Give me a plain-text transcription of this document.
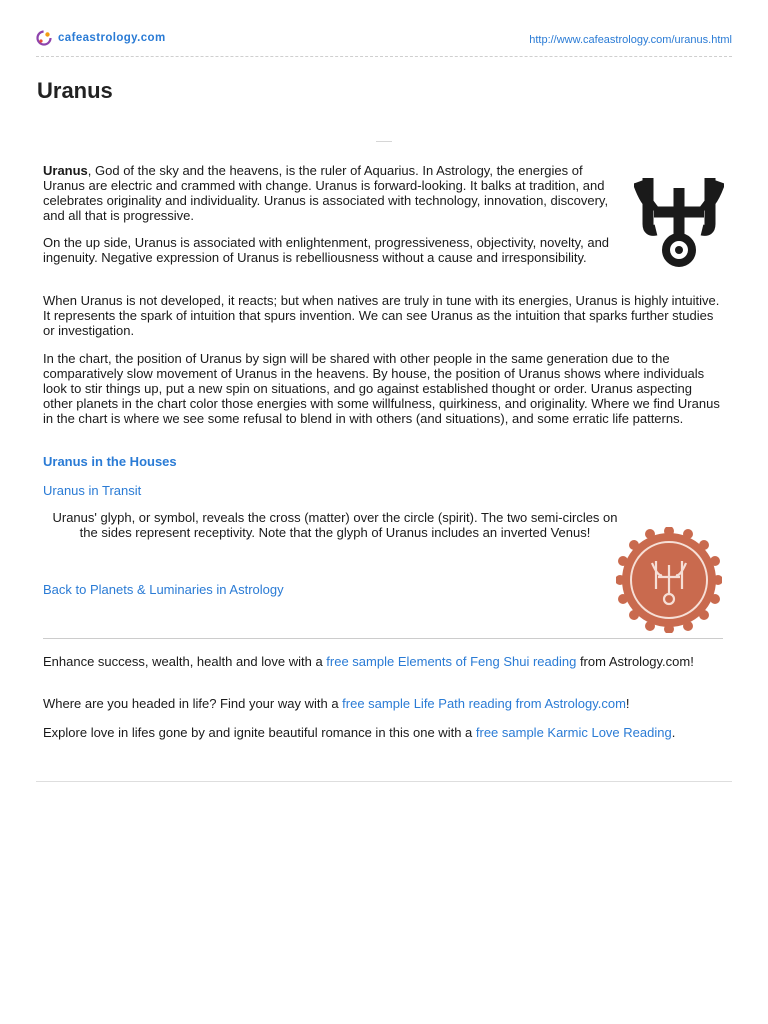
cafeastrology.com	http://www.cafeastrology.com/uranus.html
Uranus

Uranus, God of the sky and the heavens, is the ruler of Aquarius. In Astrology, the energies of Uranus are electric and crammed with change. Uranus is forward-looking. It balks at tradition, and celebrates originality and individuality. Uranus is associated with technology, innovation, discovery, and all that is progressive.

On the up side, Uranus is associated with enlightenment, progressiveness, objectivity, novelty, and ingenuity. Negative expression of Uranus is rebelliousness without a cause and irresponsibility.

When Uranus is not developed, it reacts; but when natives are truly in tune with its energies, Uranus is highly intuitive. It represents the spark of intuition that spurs invention. We can see Uranus as the intuition that sparks further studies or investigation.

In the chart, the position of Uranus by sign will be shared with other people in the same generation due to the comparatively slow movement of Uranus in the heavens. By house, the position of Uranus shows where individuals look to stir things up, put a new spin on situations, and go against established thought or order. Uranus aspecting other planets in the chart color those energies with some willfulness, quirkiness, and originality. Where we find Uranus in the chart is where we see some refusal to blend in with others (and situations), and some erratic life patterns.

Uranus in the Houses
Uranus in Transit

Uranus' glyph, or symbol, reveals the cross (matter) over the circle (spirit). The two semi-circles on the sides represent receptivity. Note that the glyph of Uranus includes an inverted Venus!

Back to Planets & Luminaries in Astrology

Enhance success, wealth, health and love with a free sample Elements of Feng Shui reading from Astrology.com!

Where are you headed in life? Find your way with a free sample Life Path reading from Astrology.com!

Explore love in lifes gone by and ignite beautiful romance in this one with a free sample Karmic Love Reading.
